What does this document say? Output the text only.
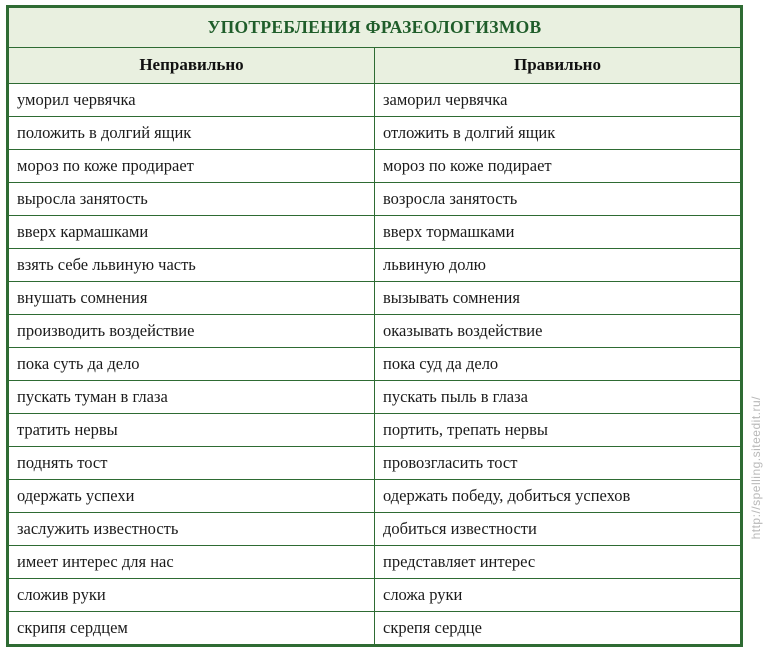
УПОТРЕБЛЕНИЯ ФРАЗЕОЛОГИЗМОВ	
Неправильно	Правильно
уморил червячка	заморил червячка
положить в долгий ящик	отложить в долгий ящик
мороз по коже продирает	мороз по коже подирает
выросла занятость	возросла занятость
вверх кармашками	вверх тормашками
взять себе львиную часть	львиную долю
внушать сомнения	вызывать сомнения
производить воздействие	оказывать воздействие
пока суть да дело	пока суд да дело
пускать туман в глаза	пускать пыль в глаза
тратить нервы	портить, трепать нервы
поднять тост	провозгласить тост
одержать успехи	одержать победу, добиться успехов
заслужить известность	добиться известности
имеет интерес для нас	представляет интерес
сложив руки	сложа руки
скрипя сердцем	скрепя сердце
http://spelling.siteedit.ru/
